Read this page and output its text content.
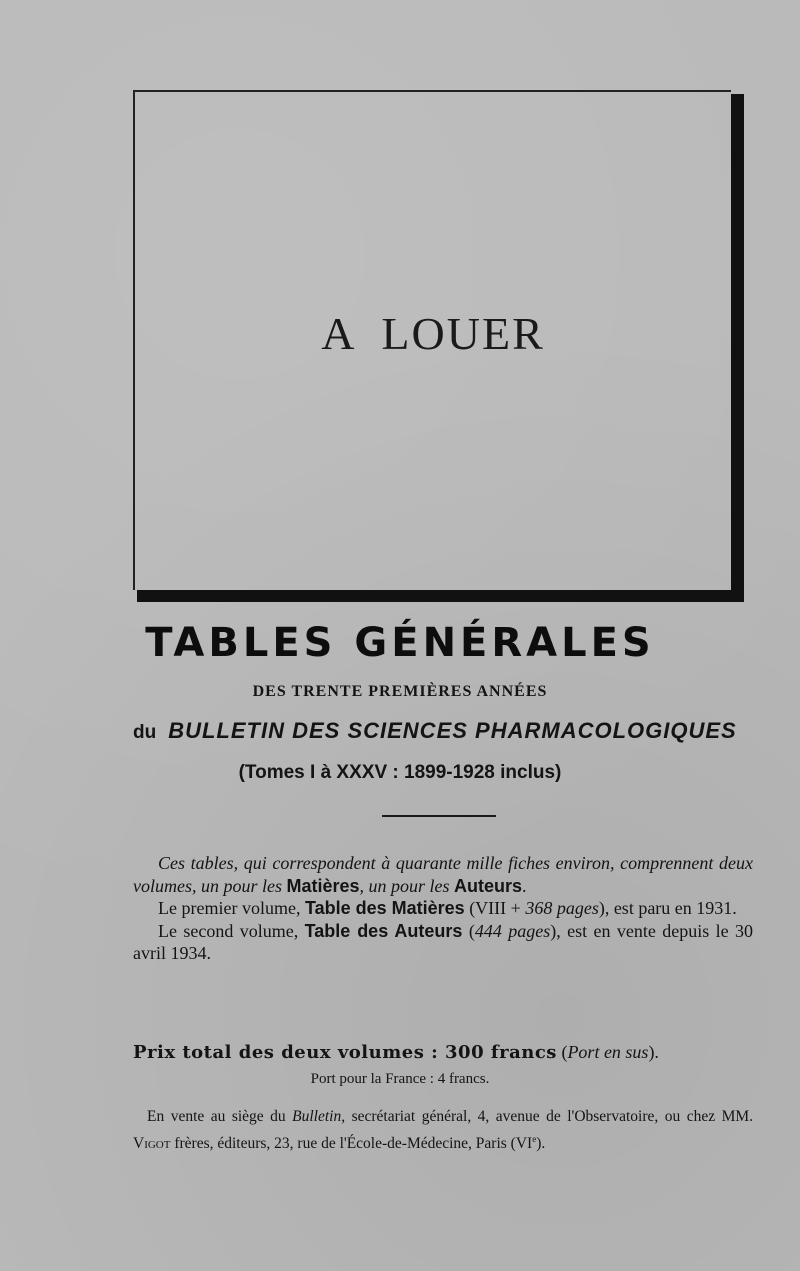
A LOUER
TABLES GÉNÉRALES
DES TRENTE PREMIÈRES ANNÉES
du BULLETIN DES SCIENCES PHARMACOLOGIQUES
(Tomes I à XXXV : 1899-1928 inclus)

Ces tables, qui correspondent à quarante mille fiches environ, comprennent deux volumes, un pour les Matières, un pour les Auteurs.

Le premier volume, Table des Matières (VIII + 368 pages), est paru en 1931.

Le second volume, Table des Auteurs (444 pages), est en vente depuis le 30 avril 1934.

Prix total des deux volumes : 300 francs (Port en sus).
Port pour la France : 4 francs.

En vente au siège du Bulletin, secrétariat général, 4, avenue de l'Observatoire, ou chez MM. Vigot frères, éditeurs, 23, rue de l'École-de-Médecine, Paris (VIe).
